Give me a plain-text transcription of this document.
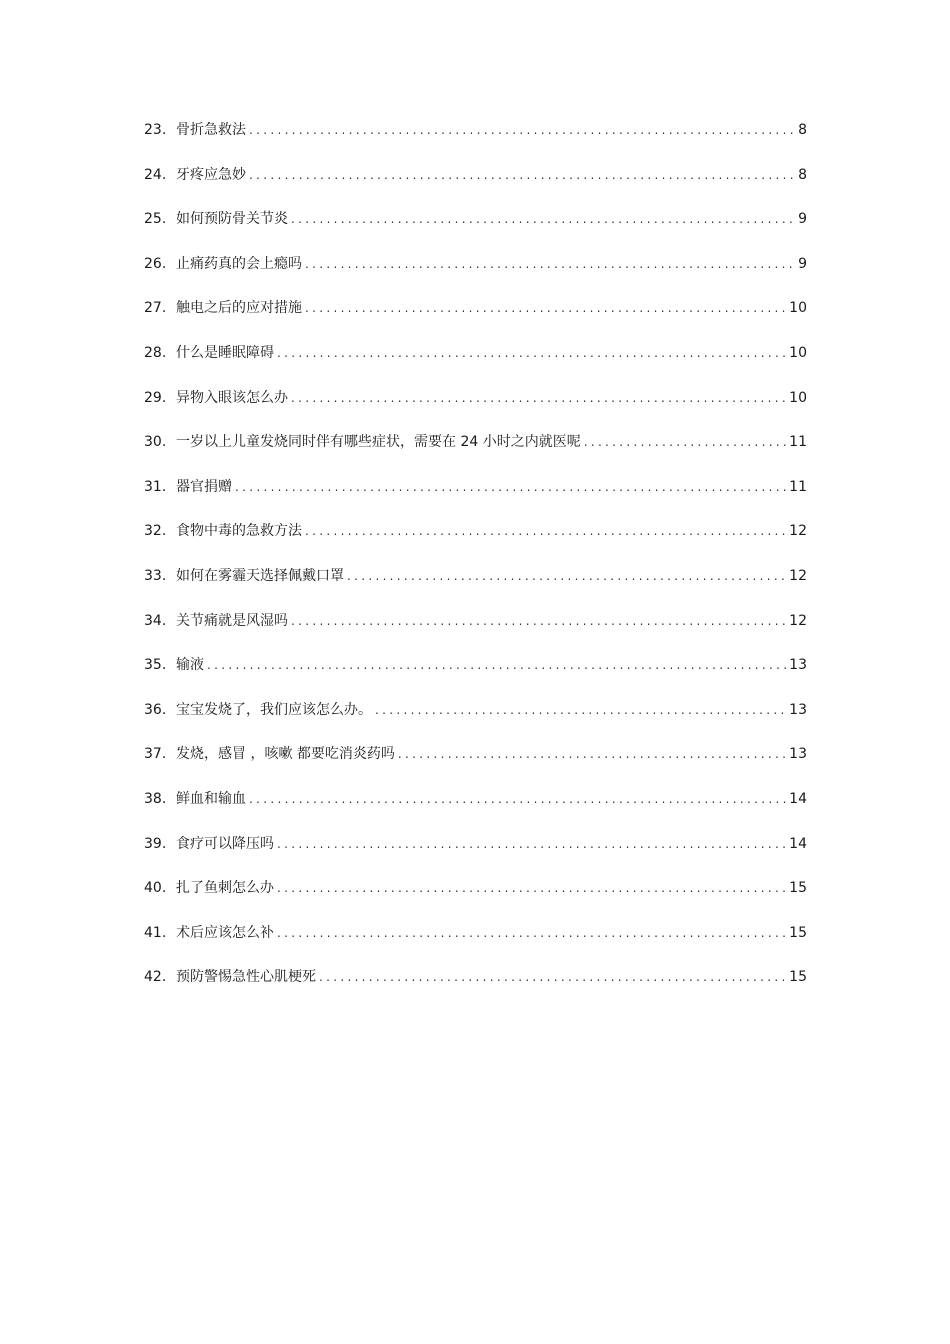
23. 骨折急救法 .....	8
24. 牙疼应急妙 .....	8
25. 如何预防骨关节炎 .....	9
26. 止痛药真的会上瘾吗 .....	9
27. 触电之后的应对措施 .....	10
28. 什么是睡眠障碍 .....	10
29. 异物入眼该怎么办 .....	10
30. 一岁以上儿童发烧同时伴有哪些症状，需要在 24 小时之内就医呢 .....	11
31. 器官捐赠 .....	11
32. 食物中毒的急救方法 .....	12
33. 如何在雾霾天选择佩戴口罩 .....	12
34. 关节痛就是风湿吗 .....	12
35. 输液 .....	13
36. 宝宝发烧了，我们应该怎么办。 .....	13
37. 发烧，感冒 ，咳嗽 都要吃消炎药吗 .....	13
38. 鲜血和输血 .....	14
39. 食疗可以降压吗 .....	14
40. 扎了鱼刺怎么办 .....	15
41. 术后应该怎么补 .....	15
42. 预防警惕急性心肌梗死 .....	15
